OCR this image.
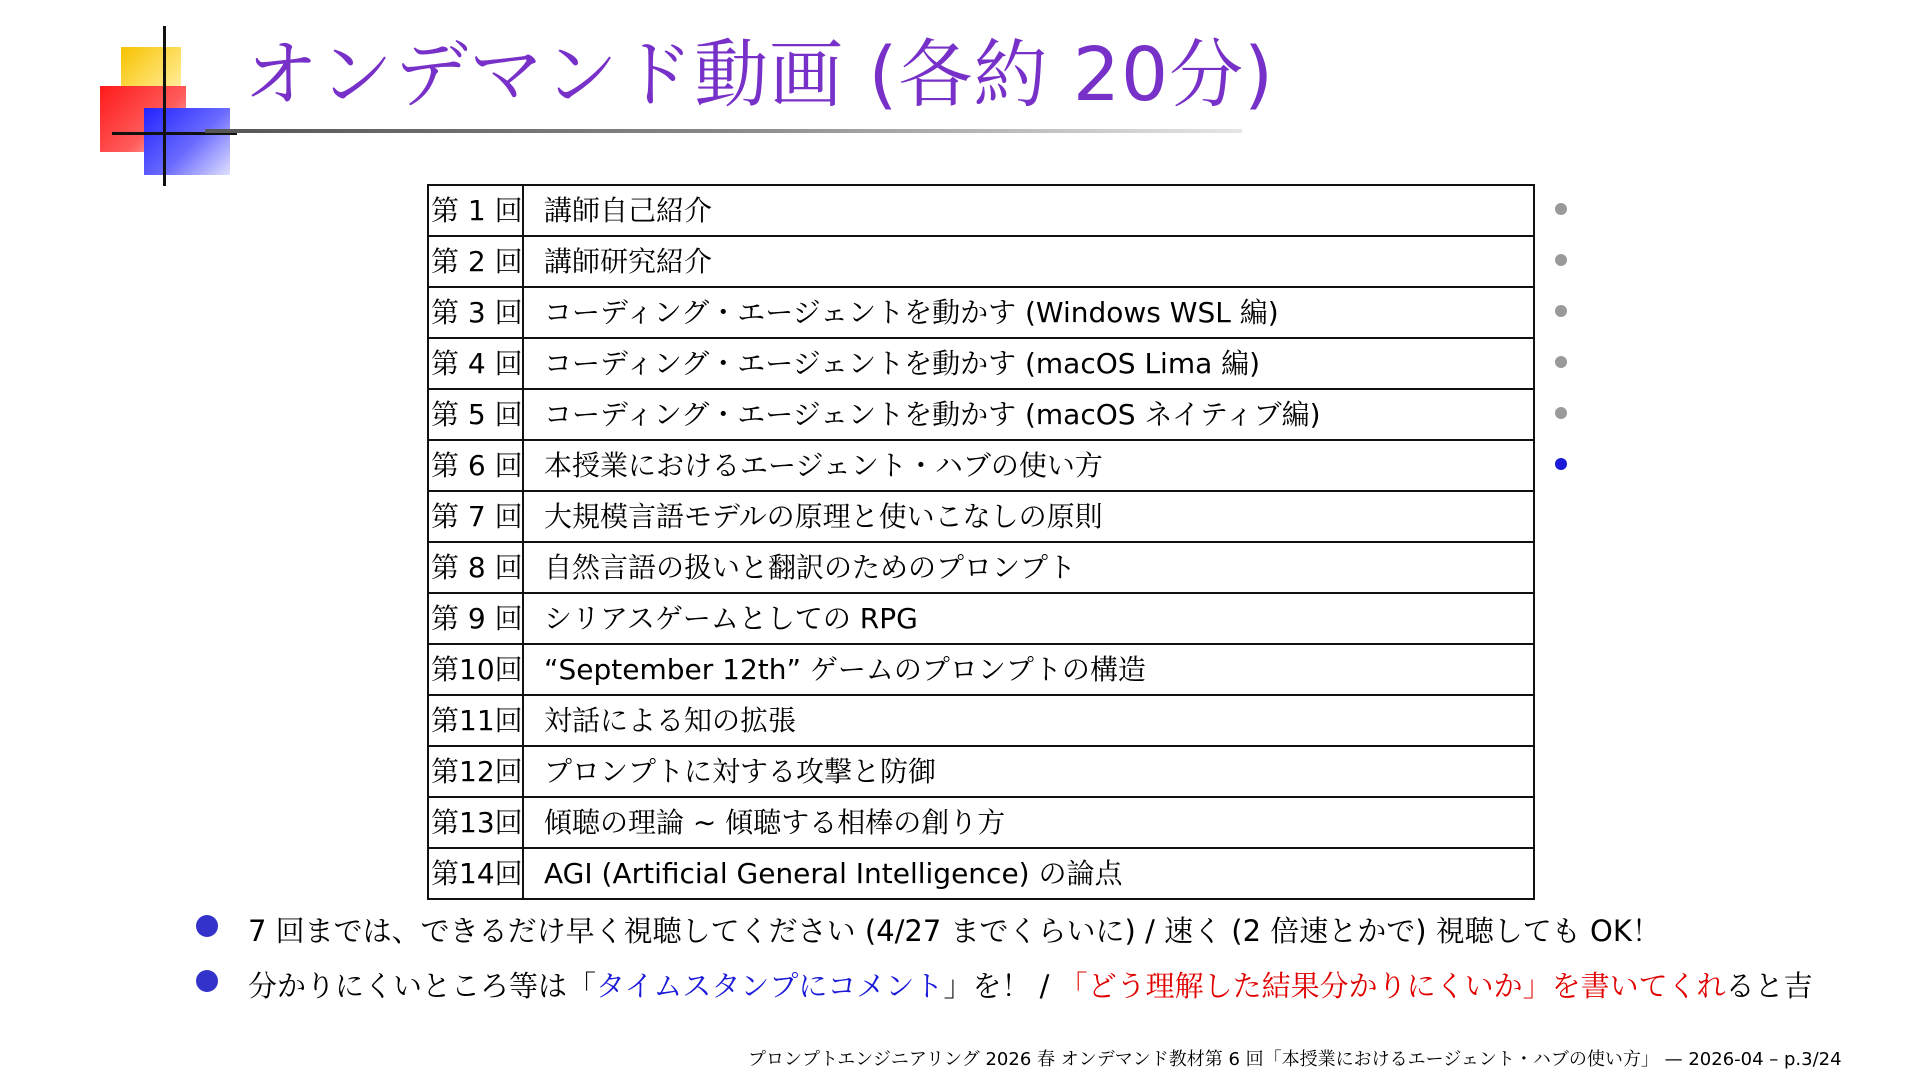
オンデマンド動画 (各約 20分)
第 1 回 講師自己紹介
第 2 回 講師研究紹介
第 3 回 コーディング・エージェントを動かす (Windows WSL 編)
第 4 回 コーディング・エージェントを動かす (macOS Lima 編)
第 5 回 コーディング・エージェントを動かす (macOS ネイティブ編)
第 6 回 本授業におけるエージェント・ハブの使い方
第 7 回 大規模言語モデルの原理と使いこなしの原則
第 8 回 自然言語の扱いと翻訳のためのプロンプト
第 9 回 シリアスゲームとしての RPG
第10回 “September 12th” ゲームのプロンプトの構造
第11回 対話による知の拡張
第12回 プロンプトに対する攻撃と防御
第13回 傾聴の理論 ∼ 傾聴する相棒の創り方
第14回 AGI (Artificial General Intelligence) の論点
7 回までは、できるだけ早く視聴してください (4/27 までくらいに) / 速く (2 倍速とかで) 視聴しても OK！
分かりにくいところ等は「タイムスタンプにコメント」を！ / 「どう理解した結果分かりにくいか」を書いてくれると吉
プロンプトエンジニアリング 2026 春 オンデマンド教材第 6 回「本授業におけるエージェント・ハブの使い方」 — 2026-04 – p.3/24
